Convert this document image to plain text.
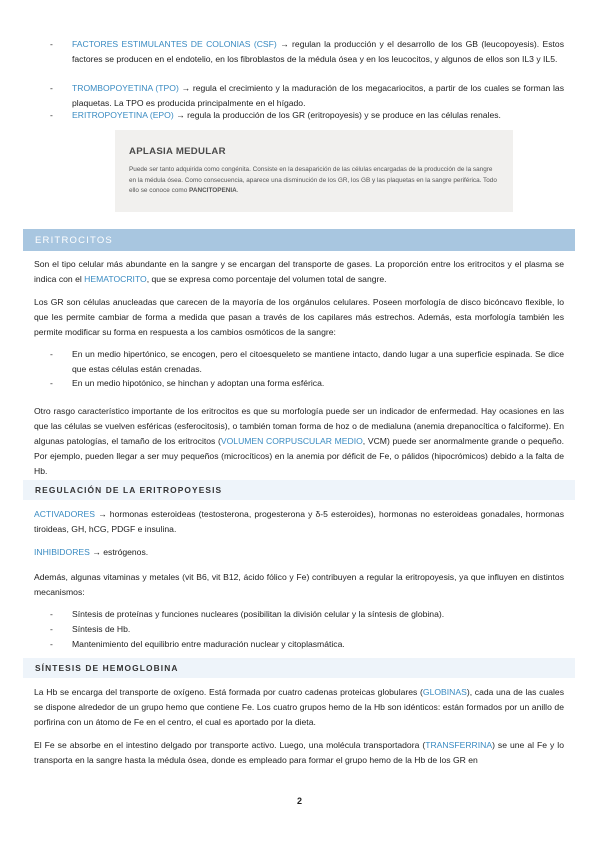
- FACTORES ESTIMULANTES DE COLONIAS (CSF) → regulan la producción y el desarrollo de los GB (leucopoyesis). Estos factores se producen en el endotelio, en los fibroblastos de la médula ósea y en los leucocitos, y algunos de ellos son IL3 y IL5.
- TROMBOPOYETINA (TPO) → regula el crecimiento y la maduración de los megacariocitos, a partir de los cuales se forman las plaquetas. La TPO es producida principalmente en el hígado.
- ERITROPOYETINA (EPO) → regula la producción de los GR (eritropoyesis) y se produce en las células renales.
APLASIA MEDULAR
Puede ser tanto adquirida como congénita. Consiste en la desaparición de las células encargadas de la producción de la sangre en la médula ósea. Como consecuencia, aparece una disminución de los GR, los GB y las plaquetas en la sangre periférica. Todo ello se conoce como PANCITOPENIA.
ERITROCITOS
Son el tipo celular más abundante en la sangre y se encargan del transporte de gases. La proporción entre los eritrocitos y el plasma se indica con el HEMATOCRITO, que se expresa como porcentaje del volumen total de sangre.
Los GR son células anucleadas que carecen de la mayoría de los orgánulos celulares. Poseen morfología de disco bicóncavo flexible, lo que les permite cambiar de forma a medida que pasan a través de los capilares más estrechos. Además, esta morfología también les permite modificar su forma en respuesta a los cambios osmóticos de la sangre:
- En un medio hipertónico, se encogen, pero el citoesqueleto se mantiene intacto, dando lugar a una superficie espinada. Se dice que estas células están crenadas.
- En un medio hipotónico, se hinchan y adoptan una forma esférica.
Otro rasgo característico importante de los eritrocitos es que su morfología puede ser un indicador de enfermedad. Hay ocasiones en las que las células se vuelven esféricas (esferocitosis), o también toman forma de hoz o de medialuna (anemia drepanocítica o falciforme). En algunas patologías, el tamaño de los eritrocitos (VOLUMEN CORPUSCULAR MEDIO, VCM) puede ser anormalmente grande o pequeño. Por ejemplo, pueden llegar a ser muy pequeños (microcíticos) en la anemia por déficit de Fe, o pálidos (hipocrómicos) debido a la falta de Hb.
REGULACIÓN DE LA ERITROPOYESIS
ACTIVADORES → hormonas esteroideas (testosterona, progesterona y δ-5 esteroides), hormonas no esteroideas gonadales, hormonas tiroideas, GH, hCG, PDGF e insulina.
INHIBIDORES → estrógenos.
Además, algunas vitaminas y metales (vit B6, vit B12, ácido fólico y Fe) contribuyen a regular la eritropoyesis, ya que influyen en distintos mecanismos:
- Síntesis de proteínas y funciones nucleares (posibilitan la división celular y la síntesis de globina).
- Síntesis de Hb.
- Mantenimiento del equilibrio entre maduración nuclear y citoplasmática.
SÍNTESIS DE HEMOGLOBINA
La Hb se encarga del transporte de oxígeno. Está formada por cuatro cadenas proteicas globulares (GLOBINAS), cada una de las cuales se dispone alrededor de un grupo hemo que contiene Fe. Los cuatro grupos hemo de la Hb son idénticos: están formados por un anillo de porfirina con un átomo de Fe en el centro, el cual es aportado por la dieta.
El Fe se absorbe en el intestino delgado por transporte activo. Luego, una molécula transportadora (TRANSFERRINA) se une al Fe y lo transporta en la sangre hasta la médula ósea, donde es empleado para formar el grupo hemo de la Hb de los GR en
2
